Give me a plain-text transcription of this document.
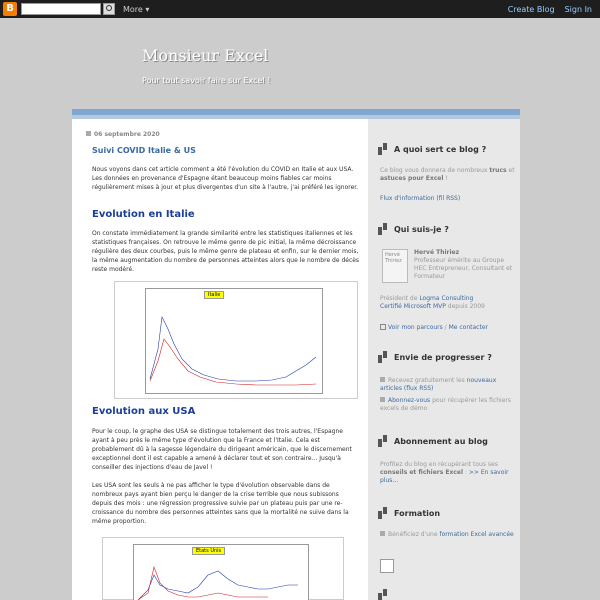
B	More ▾	Create Blog Sign In
Monsieur Excel
Pour tout savoir faire sur Excel !
06 septembre 2020
Suivi COVID Italie & US
Nous voyons dans cet article comment a été l'évolution du COVID en Italie et aux USA. Les données en provenance d'Espagne étant beaucoup moins fiables car moins régulièrement mises à jour et plus divergentes d'un site à l'autre, j'ai préféré les ignorer.
Evolution en Italie
On constate immédiatement la grande similarité entre les statistiques italiennes et les statistiques françaises. On retrouve le même genre de pic initial, la même décroissance régulière des deux courbes, puis le même genre de plateau et enfin, sur le dernier mois, la même augmentation du nombre de personnes atteintes alors que le nombre de décès reste modéré.
Italie
Evolution aux USA
Pour le coup, le graphe des USA se distingue totalement des trois autres, l'Espagne ayant à peu près le même type d'évolution que la France et l'Italie. Cela est probablement dû à la sagesse légendaire du dirigeant américain, que le discernement exceptionnel dont il est capable a amené à déclarer tout et son contraire... Jusqu'à conseiller des injections d'eau de Javel !
Les USA sont les seuls à ne pas afficher le type d'évolution observable dans de nombreux pays ayant bien perçu le danger de la crise terrible que nous subissons depuis des mois : une régression progressive suivie par un plateau puis par une re-croissance du nombre des personnes atteintes sans que la mortalité ne suive dans la même proportion.
Etats Unis
A quoi sert ce blog ?
Ce blog vous donnera de nombreux trucs et astuces pour Excel !
Flux d'information (fil RSS)
Qui suis-je ?
Hervé Thiriez
Hervé Thiriez
Professeur émérite au Groupe HEC Entrepreneur, Consultant et Formateur
Président de Logma Consulting
Certifié Microsoft MVP depuis 2009
Voir mon parcours / Me contacter
Envie de progresser ?
Recevez gratuitement les nouveaux articles (flux RSS)
Abonnez-vous pour récupérer les fichiers excels de démo
Abonnement au blog
Profitez du blog en récupérant tous ses conseils et fichiers Excel : >> En savoir plus...
Formation
Bénéficiez d'une formation Excel avancée
